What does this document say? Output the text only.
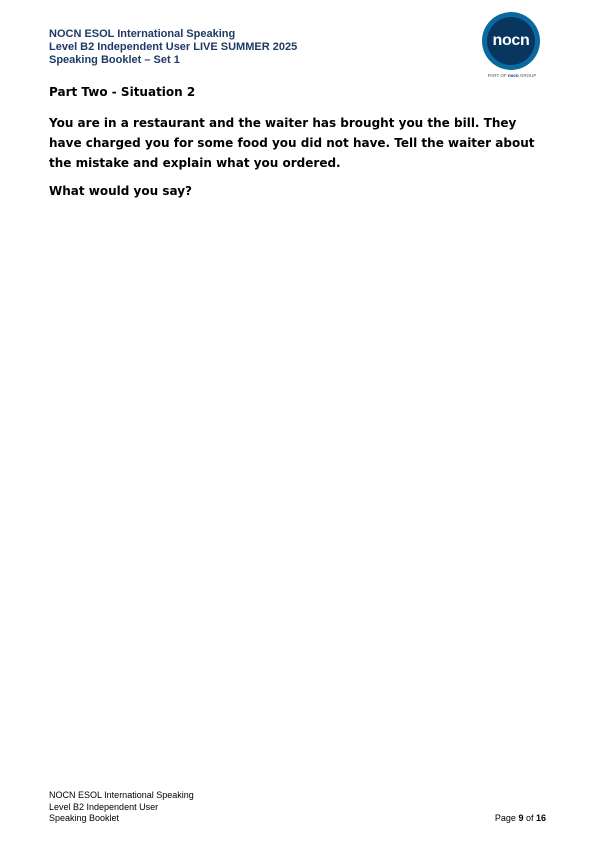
NOCN ESOL International Speaking
Level B2 Independent User LIVE SUMMER 2025
Speaking Booklet – Set 1
nocn
PART OF nocn GROUP
Part Two - Situation 2

You are in a restaurant and the waiter has brought you the bill. They have charged you for some food you did not have. Tell the waiter about the mistake and explain what you ordered.

What would you say?
NOCN ESOL International Speaking
Level B2 Independent User
Speaking Booklet	Page 9 of 16
